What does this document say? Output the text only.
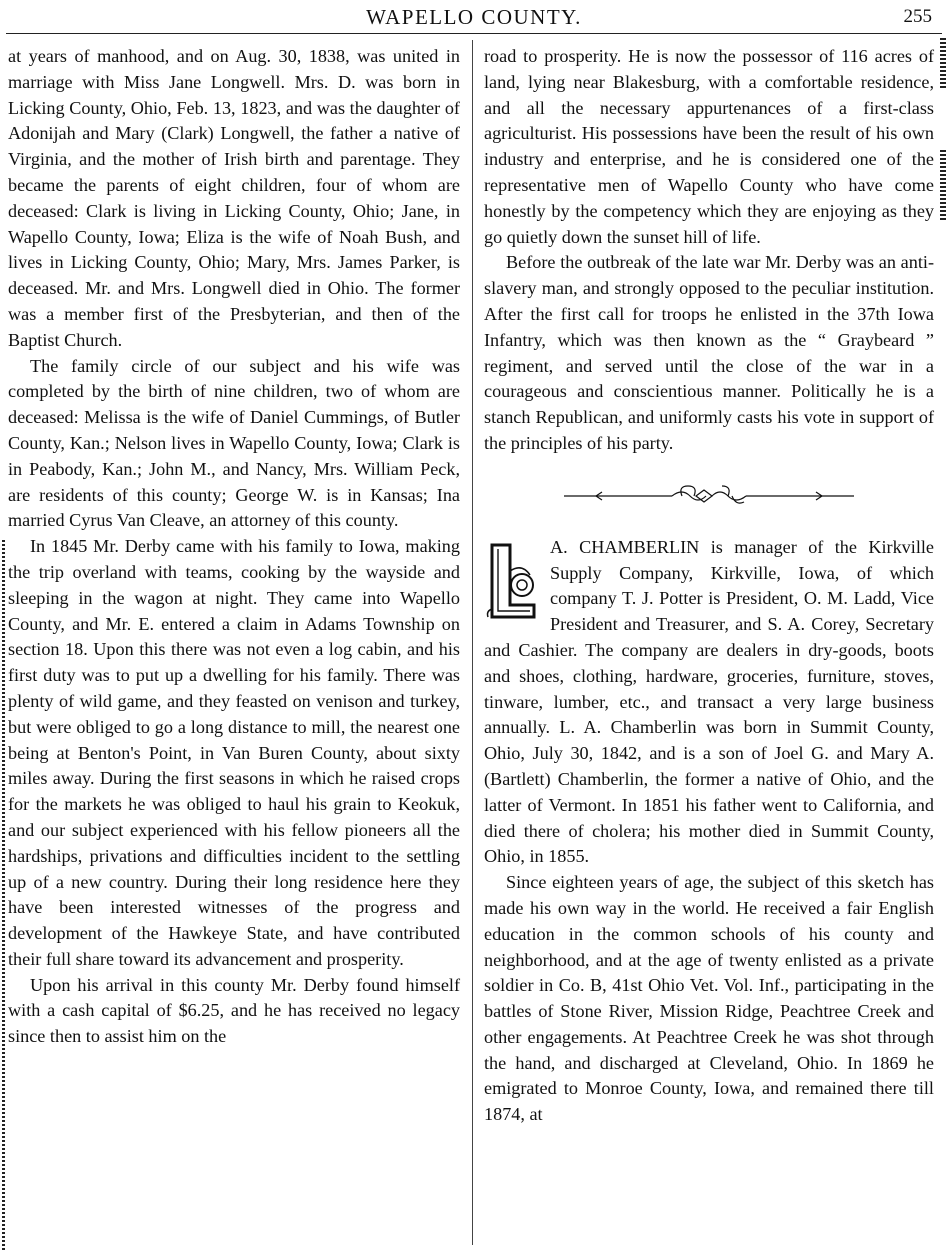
WAPELLO COUNTY.	255

at years of manhood, and on Aug. 30, 1838, was united in marriage with Miss Jane Longwell. Mrs. D. was born in Licking County, Ohio, Feb. 13, 1823, and was the daughter of Adonijah and Mary (Clark) Longwell, the father a native of Virginia, and the mother of Irish birth and parentage. They became the parents of eight children, four of whom are deceased: Clark is living in Licking County, Ohio; Jane, in Wapello County, Iowa; Eliza is the wife of Noah Bush, and lives in Licking County, Ohio; Mary, Mrs. James Parker, is deceased. Mr. and Mrs. Longwell died in Ohio. The former was a member first of the Presbyterian, and then of the Baptist Church.

The family circle of our subject and his wife was completed by the birth of nine children, two of whom are deceased: Melissa is the wife of Daniel Cummings, of Butler County, Kan.; Nelson lives in Wapello County, Iowa; Clark is in Peabody, Kan.; John M., and Nancy, Mrs. William Peck, are residents of this county; George W. is in Kansas; Ina married Cyrus Van Cleave, an attorney of this county.

In 1845 Mr. Derby came with his family to Iowa, making the trip overland with teams, cooking by the wayside and sleeping in the wagon at night. They came into Wapello County, and Mr. E. entered a claim in Adams Township on section 18. Upon this there was not even a log cabin, and his first duty was to put up a dwelling for his family. There was plenty of wild game, and they feasted on venison and turkey, but were obliged to go a long distance to mill, the nearest one being at Benton's Point, in Van Buren County, about sixty miles away. During the first seasons in which he raised crops for the markets he was obliged to haul his grain to Keokuk, and our subject experienced with his fellow pioneers all the hardships, privations and difficulties incident to the settling up of a new country. During their long residence here they have been interested witnesses of the progress and development of the Hawkeye State, and have contributed their full share toward its advancement and prosperity.

Upon his arrival in this county Mr. Derby found himself with a cash capital of $6.25, and he has received no legacy since then to assist him on the

road to prosperity. He is now the possessor of 116 acres of land, lying near Blakesburg, with a comfortable residence, and all the necessary appurtenances of a first-class agriculturist. His possessions have been the result of his own industry and enterprise, and he is considered one of the representative men of Wapello County who have come honestly by the competency which they are enjoying as they go quietly down the sunset hill of life.

Before the outbreak of the late war Mr. Derby was an anti-slavery man, and strongly opposed to the peculiar institution. After the first call for troops he enlisted in the 37th Iowa Infantry, which was then known as the “ Graybeard ” regiment, and served until the close of the war in a courageous and conscientious manner. Politically he is a stanch Republican, and uniformly casts his vote in support of the principles of his party.

A. CHAMBERLIN is manager of the Kirkville Supply Company, Kirkville, Iowa, of which company T. J. Potter is President, O. M. Ladd, Vice President and Treasurer, and S. A. Corey, Secretary and Cashier. The company are dealers in dry-goods, boots and shoes, clothing, hardware, groceries, furniture, stoves, tinware, lumber, etc., and transact a very large business annually. L. A. Chamberlin was born in Summit County, Ohio, July 30, 1842, and is a son of Joel G. and Mary A. (Bartlett) Chamberlin, the former a native of Ohio, and the latter of Vermont. In 1851 his father went to California, and died there of cholera; his mother died in Summit County, Ohio, in 1855.

Since eighteen years of age, the subject of this sketch has made his own way in the world. He received a fair English education in the common schools of his county and neighborhood, and at the age of twenty enlisted as a private soldier in Co. B, 41st Ohio Vet. Vol. Inf., participating in the battles of Stone River, Mission Ridge, Peachtree Creek and other engagements. At Peachtree Creek he was shot through the hand, and discharged at Cleveland, Ohio. In 1869 he emigrated to Monroe County, Iowa, and remained there till 1874, at
